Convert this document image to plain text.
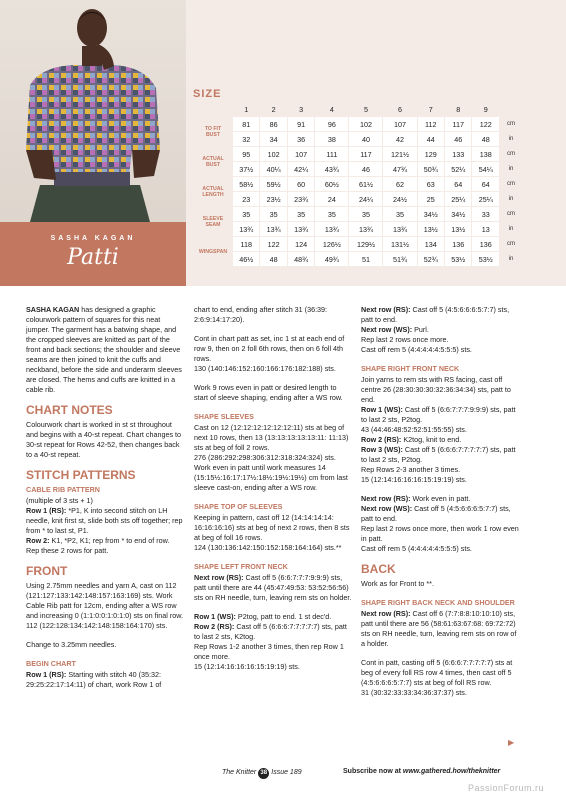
SASHA KAGAN
Patti
SIZE
	1	2	3	4	5	6	7	8	9	

TO FIT
BUST	81	86	91	96	102	107	112	117	122	cm
	32	34	36	38	40	42	44	46	48	in

ACTUAL
BUST	95	102	107	111	117	121½	129	133	138	cm
	37½	40¼	42¼	43¾	46	47¾	50¾	52¼	54¼	in

ACTUAL
LENGTH	58½	59½	60	60½	61½	62	63	64	64	cm
	23	23½	23¾	24	24¼	24½	25	25¼	25¼	in

SLEEVE
SEAM	35	35	35	35	35	35	34½	34½	33	cm
	13¾	13¾	13¾	13¾	13¾	13¾	13½	13½	13	in

WINGSPAN	118	122	124	126½	129½	131½	134	136	136	cm
	46½	48	48¾	49¾	51	51¾	52¾	53½	53½	in

SASHA KAGAN has designed a graphic colourwork pattern of squares for this neat jumper. The garment has a batwing shape, and the cropped sleeves are knitted as part of the front and back sections; the shoulder and sleeve seams are then joined to knit the cuffs and neckband, before the side and underarm sleeves are closed. The hems and cuffs are knitted in a cable rib.

CHART NOTES

Colourwork chart is worked in st st throughout and begins with a 40-st repeat. Chart changes to 30-st repeat for Rows 42-52, then changes back to a 40-st repeat.

STITCH PATTERNS
CABLE RIB PATTERN
(multiple of 3 sts + 1)
Row 1 (RS): *P1, K into second stitch on LH needle, knit first st, slide both sts off together; rep from * to last st, P1.

Row 2: K1, *P2, K1; rep from * to end of row. Rep these 2 rows for patt.

FRONT
Using 2.75mm needles and yarn A, cast on 112 (121:127:133:142:148:157:163:169) sts. Work Cable Rib patt for 12cm, ending after a WS row and increasing 0 (1:1:0:0:1:0:1:0) sts on final row.

112 (122:128:134:142:148:158:164:170) sts.

Change to 3.25mm needles.

BEGIN CHART
Row 1 (RS): Starting with stitch 40 (35:32: 29:25:22:17:14:11) of chart, work Row 1 of

chart to end, ending after stitch 31 (36:39: 2:6:9:14:17:20).

Cont in chart patt as set, inc 1 st at each end of row 9, then on 2 foll 6th rows, then on 6 foll 4th rows.

130 (140:146:152:160:166:176:182:188) sts.

Work 9 rows even in patt or desired length to start of sleeve shaping, ending after a WS row.

SHAPE SLEEVES
Cast on 12 (12:12:12:12:12:12:11) sts at beg of next 10 rows, then 13 (13:13:13:13:13:11: 11:13) sts at beg of foll 2 rows.
276 (286:292:298:306:312:318:324:324) sts.

Work even in patt until work measures 14 (15:15½:16:17:17½:18½:19½:19½) cm from last sleeve cast-on, ending after a WS row.

SHAPE TOP OF SLEEVES
Keeping in pattern, cast off 12 (14:14:14:14: 16:16:16:16) sts at beg of next 2 rows, then 8 sts at beg of foll 16 rows.

124 (130:136:142:150:152:158:164:164) sts.**

SHAPE LEFT FRONT NECK

Next row (RS): Cast off 5 (6:6:7:7:7:9:9:9) sts, patt until there are 44 (45:47:49:53: 53:52:56:56) sts on RH needle, turn, leaving rem sts on holder.

Row 1 (WS): P2tog, patt to end. 1 st dec'd.
Row 2 (RS): Cast off 5 (6:6:6:7:7:7:7:7) sts, patt to last 2 sts, K2tog.
Rep Rows 1-2 another 3 times, then rep Row 1 once more.
15 (12:14:16:16:16:15:19:19) sts.
Next row (RS): Cast off 5 (4:5:6:6:6:5:7:7) sts, patt to end.
Next row (WS): Purl.
Rep last 2 rows once more.

Cast off rem 5 (4:4:4:4:4:5:5:5) sts.

SHAPE RIGHT FRONT NECK
Join yarns to rem sts with RS facing, cast off centre 26 (28:30:30:30:32:36:34:34) sts, patt to end.
Row 1 (WS): Cast off 5 (6:6:7:7:7:9:9:9) sts, patt to last 2 sts, P2tog.
43 (44:46:48:52:52:51:55:55) sts.
Row 2 (RS): K2tog, knit to end.
Row 3 (WS): Cast off 5 (6:6:6:7:7:7:7:7) sts, patt to last 2 sts, P2tog.
Rep Rows 2-3 another 3 times.

15 (12:14:16:16:16:15:19:19) sts.

Next row (RS): Work even in patt.
Next row (WS): Cast off 5 (4:5:6:6:6:5:7:7) sts, patt to end.
Rep last 2 rows once more, then work 1 row even in patt.

Cast off rem 5 (4:4:4:4:4:5:5:5) sts.

BACK

Work as for Front to **.

SHAPE RIGHT BACK NECK AND SHOULDER

Next row (RS): Cast off 6 (7:7:8:8:10:10:10) sts, patt until there are 56 (58:61:63:67:68: 69:72:72) sts on RH needle, turn, leaving rem sts on row of a holder.

Cont in patt, casting off 5 (6:6:6:7:7:7:7:7) sts at beg of every foll RS row 4 times, then cast off 5 (4:5:6:6:6:5:7:7) sts at beg of foll RS row.
31 (30:32:33:33:34:36:37:37) sts.
▶
The Knitter 38 Issue 189	Subscribe now at www.gathered.how/theknitter
PassionForum.ru
